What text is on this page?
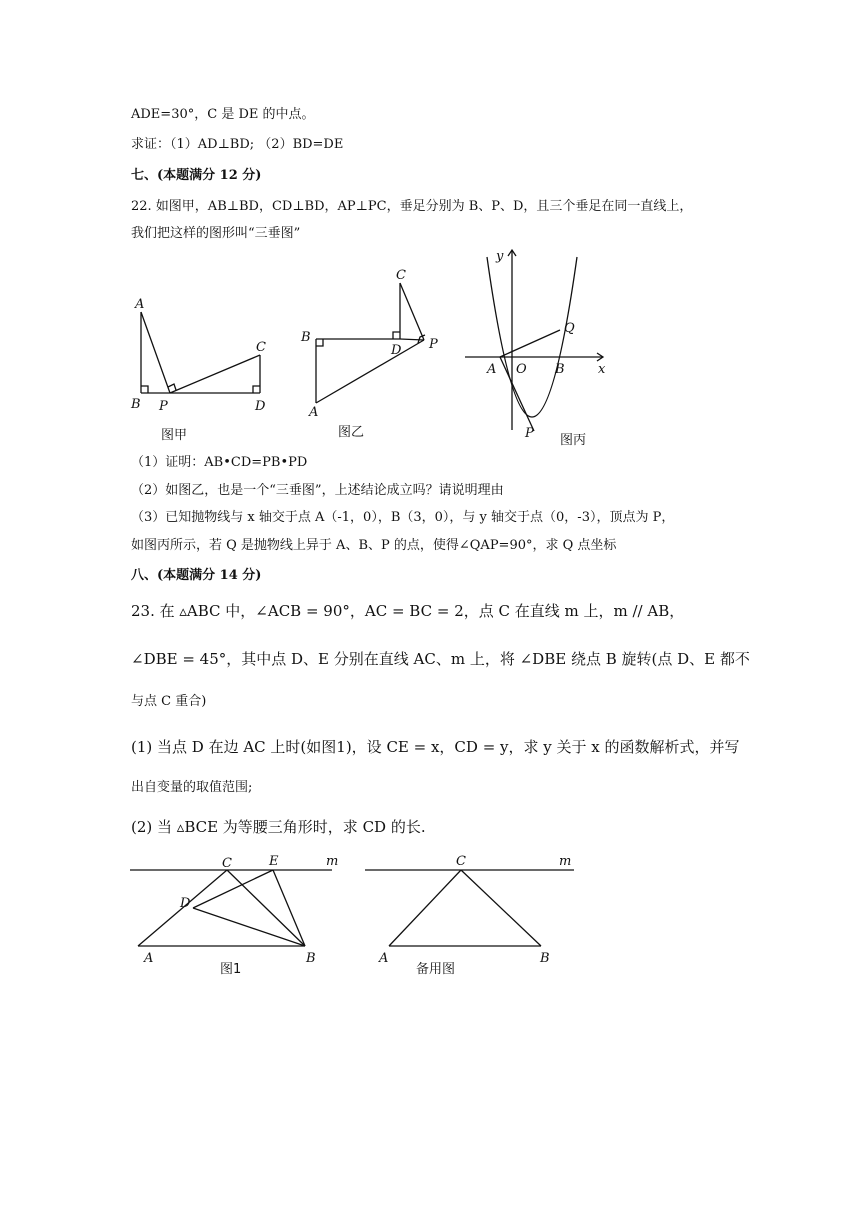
ADE=30°，C 是 DE 的中点。
求证：（1）AD⊥BD; （2）BD=DE
七、(本题满分 12 分)
22. 如图甲，AB⊥BD，CD⊥BD，AP⊥PC，垂足分别为 B、P、D，且三个垂足在同一直线上，
我们把这样的图形叫“三垂图”
A
B P
C
D
图甲
C
B
D P
A
图乙
y
x
Q
A O B
P 图丙
（1）证明：AB•CD=PB•PD
（2）如图乙，也是一个“三垂图”，上述结论成立吗？请说明理由
（3）已知抛物线与 x 轴交于点 A（-1，0），B（3，0），与 y 轴交于点（0，-3），顶点为 P，
如图丙所示，若 Q 是抛物线上异于 A、B、P 的点，使得∠QAP=90°，求 Q 点坐标
八、(本题满分 14 分)
23. 在 ▵ABC 中，∠ACB = 90°，AC = BC = 2，点 C 在直线 m 上，m // AB，
∠DBE = 45°，其中点 D、E 分别在直线 AC、m 上，将 ∠DBE 绕点 B 旋转(点 D、E 都不
与点 C 重合)
(1) 当点 D 在边 AC 上时(如图1)，设 CE = x，CD = y，求 y 关于 x 的函数解析式，并写
出自变量的取值范围;
(2) 当 ▵BCE 为等腰三角形时，求 CD 的长.
C	E	m
D
A	B
图1
C	m
A	B
备用图
